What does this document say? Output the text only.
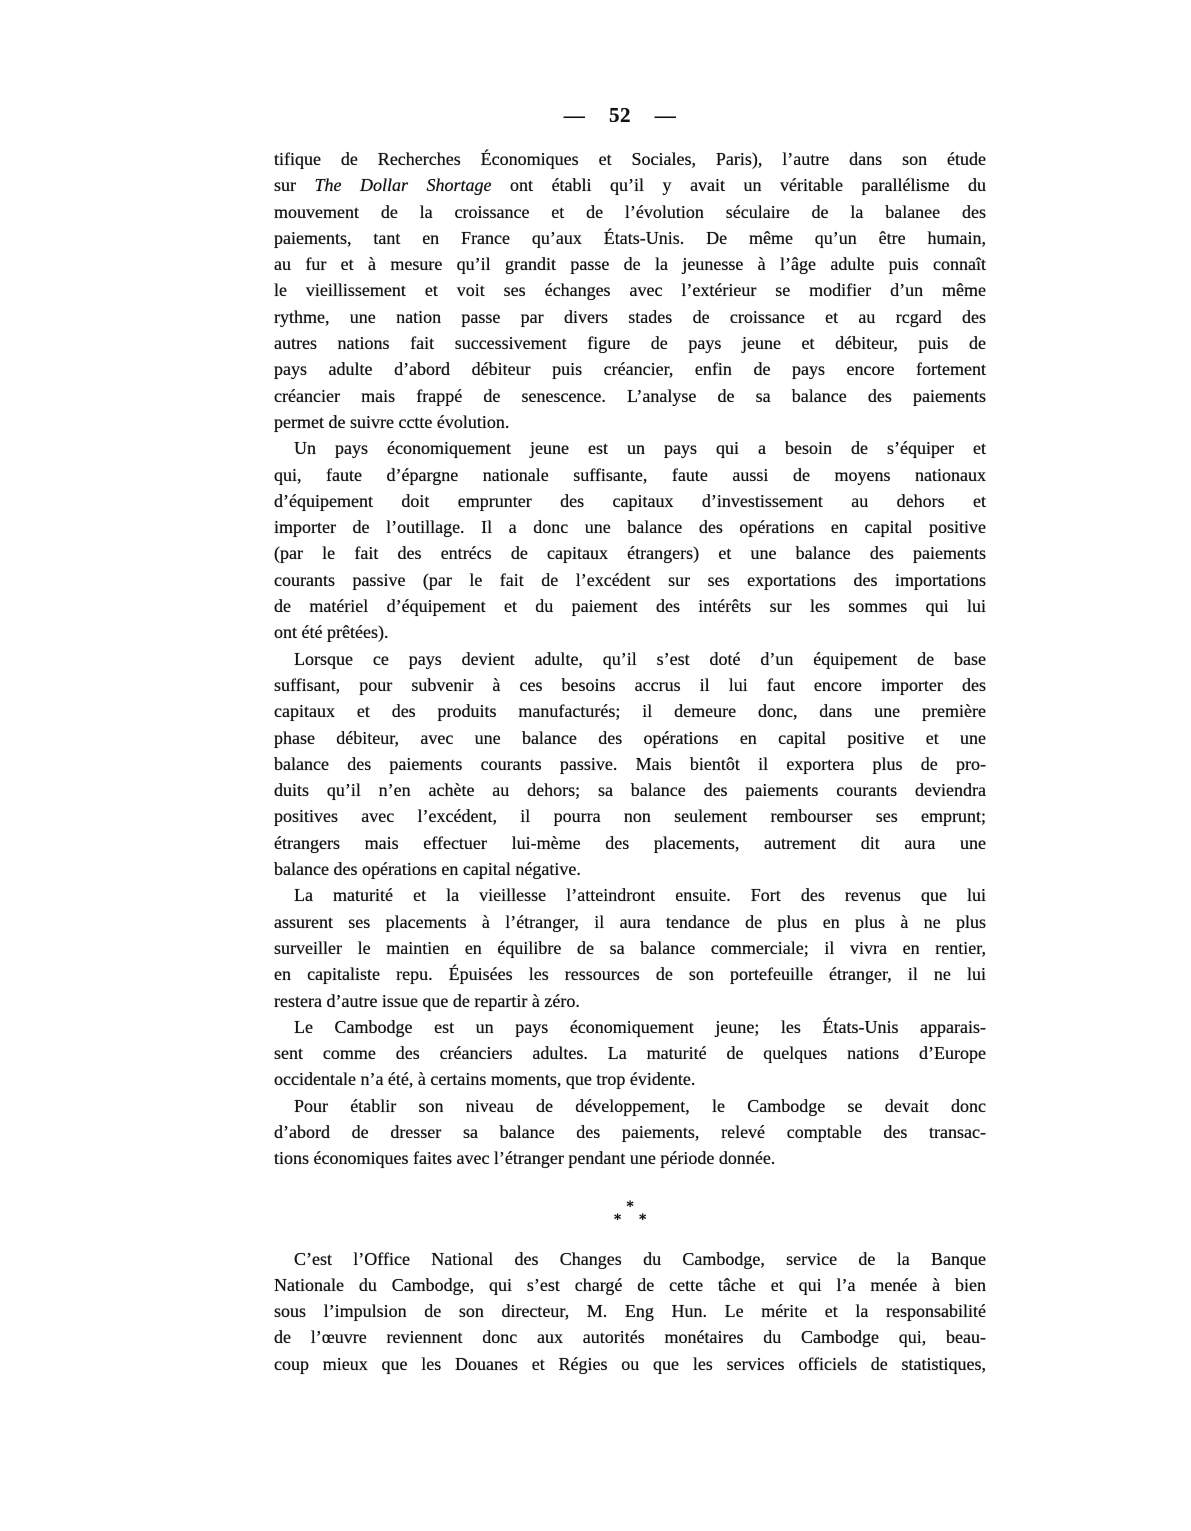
— 52 —
tifique de Recherches Économiques et Sociales, Paris), l’autre dans son étude
sur The Dollar Shortage ont établi qu’il y avait un véritable parallélisme du
mouvement de la croissance et de l’évolution séculaire de la balanee des
paiements, tant en France qu’aux États-Unis. De même qu’un être humain,
au fur et à mesure qu’il grandit passe de la jeunesse à l’âge adulte puis connaît
le vieillissement et voit ses échanges avec l’extérieur se modifier d’un même
rythme, une nation passe par divers stades de croissance et au rcgard des
autres nations fait successivement figure de pays jeune et débiteur, puis de
pays adulte d’abord débiteur puis créancier, enfin de pays encore fortement
créancier mais frappé de senescence. L’analyse de sa balance des paiements
permet de suivre cctte évolution.
Un pays économiquement jeune est un pays qui a besoin de s’équiper et
qui, faute d’épargne nationale suffisante, faute aussi de moyens nationaux
d’équipement doit emprunter des capitaux d’investissement au dehors et
importer de l’outillage. Il a donc une balance des opérations en capital positive
(par le fait des entrécs de capitaux étrangers) et une balance des paiements
courants passive (par le fait de l’excédent sur ses exportations des importations
de matériel d’équipement et du paiement des intérêts sur les sommes qui lui
ont été prêtées).
Lorsque ce pays devient adulte, qu’il s’est doté d’un équipement de base
suffisant, pour subvenir à ces besoins accrus il lui faut encore importer des
capitaux et des produits manufacturés; il demeure donc, dans une première
phase débiteur, avec une balance des opérations en capital positive et une
balance des paiements courants passive. Mais bientôt il exportera plus de pro-
duits qu’il n’en achète au dehors; sa balance des paiements courants deviendra
positives avec l’excédent, il pourra non seulement rembourser ses emprunt;
étrangers mais effectuer lui-mème des placements, autrement dit aura une
balance des opérations en capital négative.
La maturité et la vieillesse l’atteindront ensuite. Fort des revenus que lui
assurent ses placements à l’étranger, il aura tendance de plus en plus à ne plus
surveiller le maintien en équilibre de sa balance commerciale; il vivra en rentier,
en capitaliste repu. Épuisées les ressources de son portefeuille étranger, il ne lui
restera d’autre issue que de repartir à zéro.
Le Cambodge est un pays économiquement jeune; les États-Unis apparais-
sent comme des créanciers adultes. La maturité de quelques nations d’Europe
occidentale n’a été, à certains moments, que trop évidente.
Pour établir son niveau de développement, le Cambodge se devait donc
d’abord de dresser sa balance des paiements, relevé comptable des transac-
tions économiques faites avec l’étranger pendant une période donnée.
∗
∗ ∗
C’est l’Office National des Changes du Cambodge, service de la Banque
Nationale du Cambodge, qui s’est chargé de cette tâche et qui l’a menée à bien
sous l’impulsion de son directeur, M. Eng Hun. Le mérite et la responsabilité
de l’œuvre reviennent donc aux autorités monétaires du Cambodge qui, beau-
coup mieux que les Douanes et Régies ou que les services officiels de statistiques,
